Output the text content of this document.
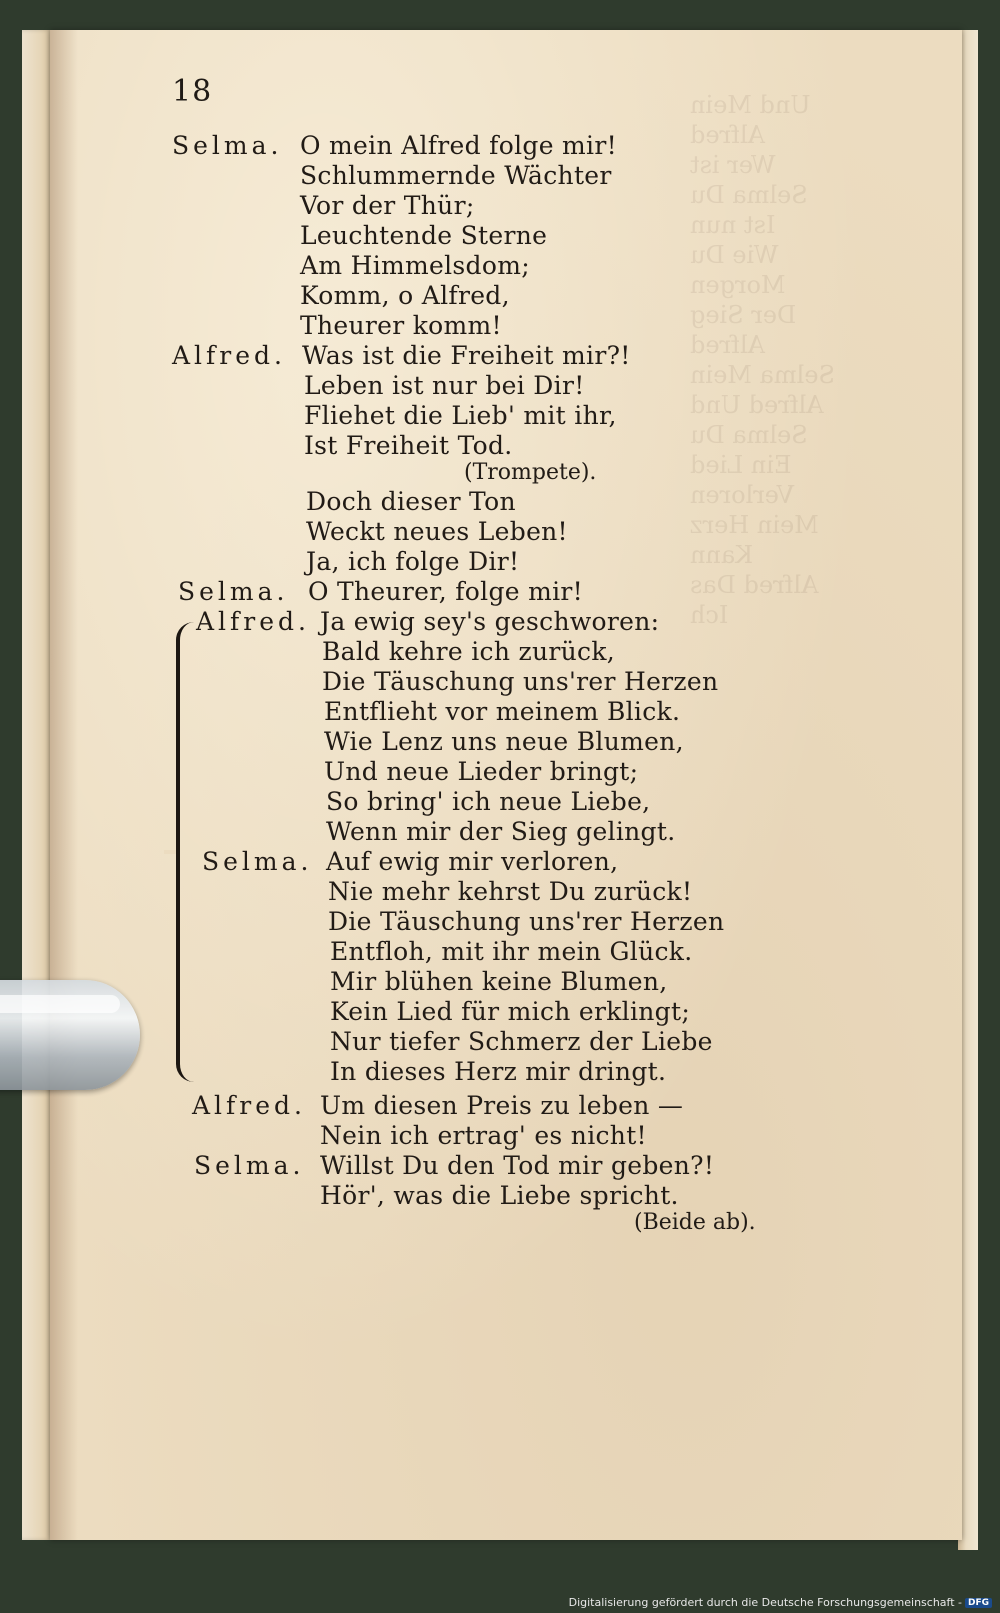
Und Mein
Alfred
Wer ist
Selma Du
Ist nun
Wie Du
Morgen
Der Sieg
Alfred
Selma Mein
Alfred Und
Selma Du
Ein Lied
Verloren
Mein Herz
Kann
Alfred Das
Ich
18
Selma. O mein Alfred folge mir!
Schlummernde Wächter
Vor der Thür;
Leuchtende Sterne
Am Himmelsdom;
Komm, o Alfred,
Theurer komm!
Alfred. Was ist die Freiheit mir?!
Leben ist nur bei Dir!
Fliehet die Lieb' mit ihr,
Ist Freiheit Tod.
(Trompete).
Doch dieser Ton
Weckt neues Leben!
Ja, ich folge Dir!
Selma. O Theurer, folge mir!
Alfred. Ja ewig sey's geschworen:
Bald kehre ich zurück,
Die Täuschung uns'rer Herzen
Entflieht vor meinem Blick.
Wie Lenz uns neue Blumen,
Und neue Lieder bringt;
So bring' ich neue Liebe,
Wenn mir der Sieg gelingt.
Selma. Auf ewig mir verloren,
Nie mehr kehrst Du zurück!
Die Täuschung uns'rer Herzen
Entfloh, mit ihr mein Glück.
Mir blühen keine Blumen,
Kein Lied für mich erklingt;
Nur tiefer Schmerz der Liebe
In dieses Herz mir dringt.
Alfred. Um diesen Preis zu leben —
Nein ich ertrag' es nicht!
Selma. Willst Du den Tod mir geben?!
Hör', was die Liebe spricht.
(Beide ab).
Digitalisierung gefördert durch die Deutsche Forschungsgemeinschaft - DFG
